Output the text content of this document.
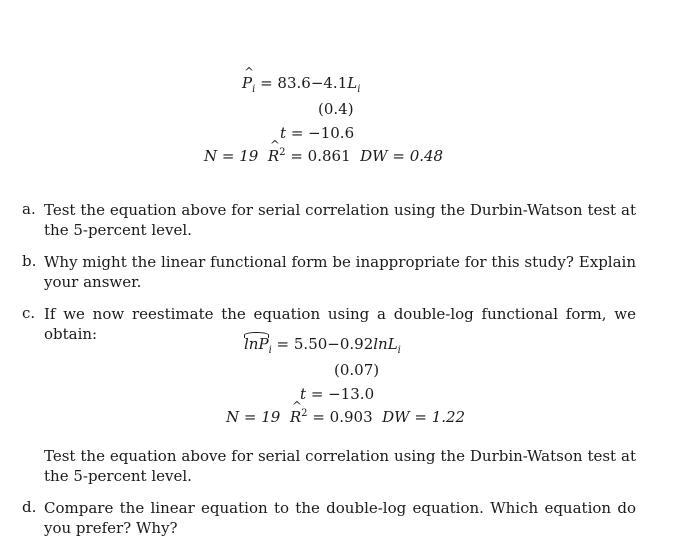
^ $P_i = 83.6-4.1L_i$
(0.4)
t = −10.6
N = 19 ^ $R^2 = 0.861$ DW = 0.48
a. Test the equation above for serial correlation using the Durbin-Watson test at the 5-percent level.
b. Why might the linear functional form be inappropriate for this study? Explain your answer.
c. If we now reestimate the equation using a double-log functional form, we obtain:
lnP$_i$ = 5.50−0.92lnL$_i$
(0.07)
t = −13.0
N = 19 ^ $R^2 = 0.903$ DW = 1.22
Test the equation above for serial correlation using the Durbin-Watson test at the 5-percent level.
d. Compare the linear equation to the double-log equation. Which equation do you prefer? Why?
